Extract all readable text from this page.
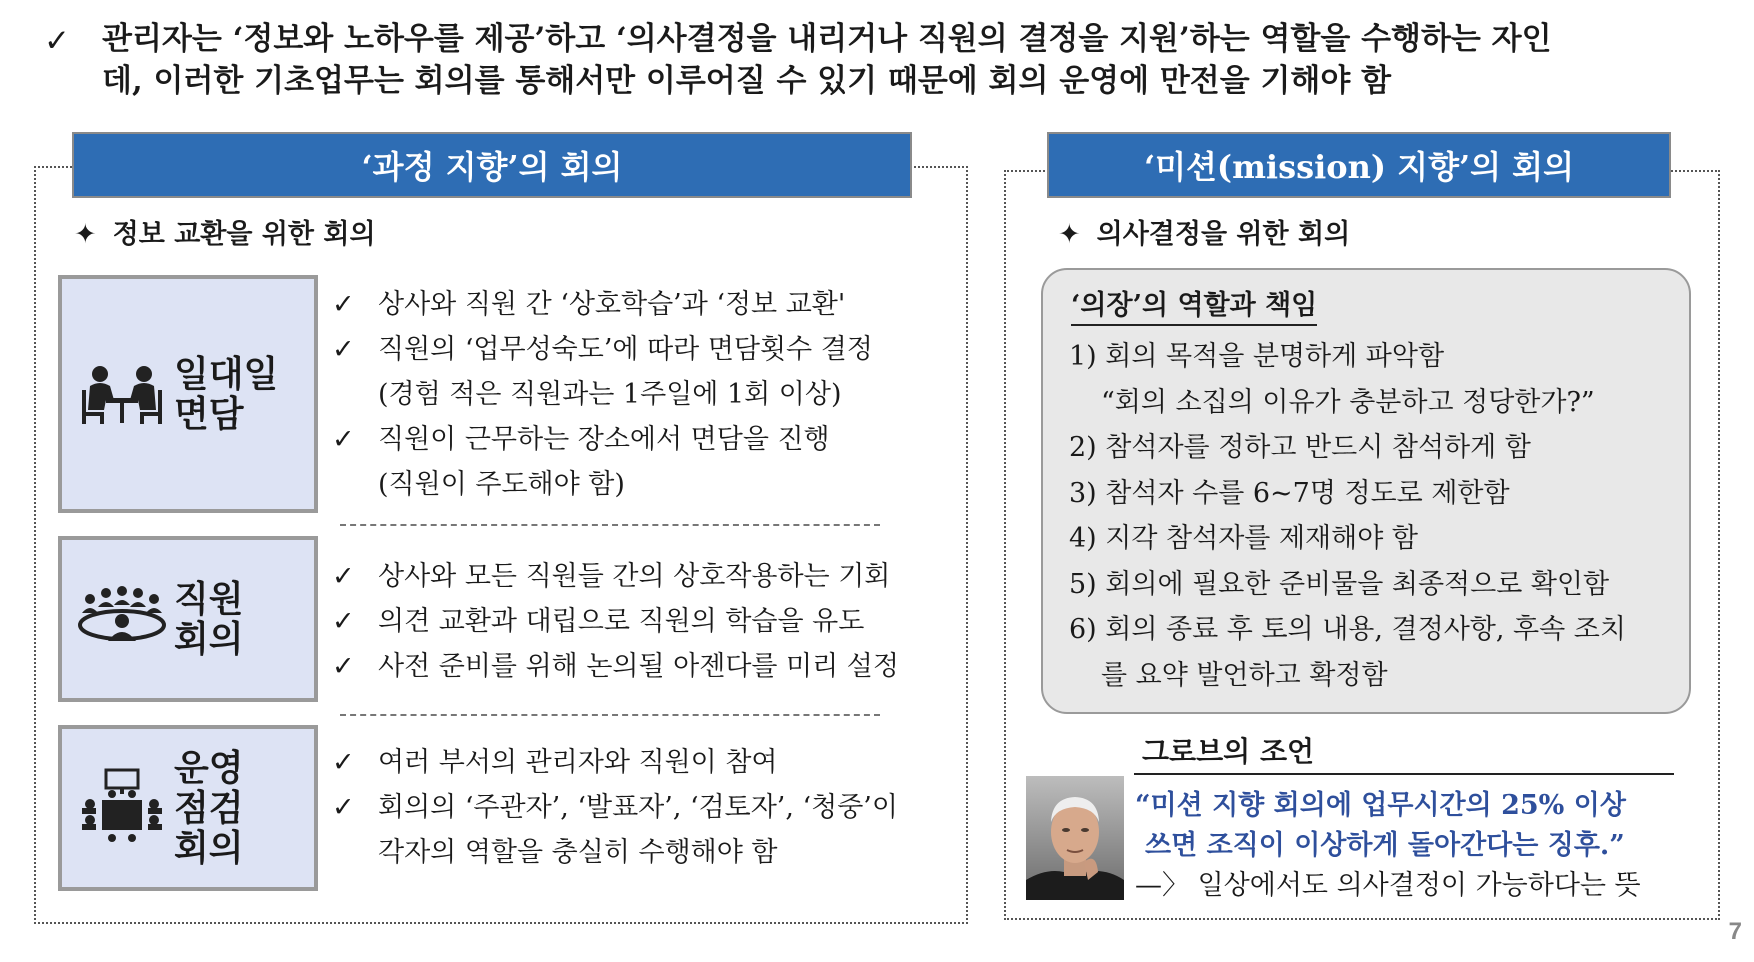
✓ 관리자는 ‘정보와 노하우를 제공’하고 ‘의사결정을 내리거나 직원의 결정을 지원’하는 역할을 수행하는 자인
데, 이러한 기초업무는 회의를 통해서만 이루어질 수 있기 때문에 회의 운영에 만전을 기해야 함
‘과정 지향’의 회의	‘미션(mission) 지향’의 회의
✦ 정보 교환을 위한 회의	✦ 의사결정을 위한 회의
일대일
면담
직원
회의
운영
점검
회의
✓ 상사와 직원 간 ‘상호학습’과 ‘정보 교환'
✓ 직원의 ‘업무성숙도’에 따라 면담횟수 결정
(경험 적은 직원과는 1주일에 1회 이상)
✓ 직원이 근무하는 장소에서 면담을 진행
(직원이 주도해야 함)
✓ 상사와 모든 직원들 간의 상호작용하는 기회
✓ 의견 교환과 대립으로 직원의 학습을 유도
✓ 사전 준비를 위해 논의될 아젠다를 미리 설정
✓ 여러 부서의 관리자와 직원이 참여
✓ 회의의 ‘주관자’, ‘발표자’, ‘검토자’, ‘청중’이
각자의 역할을 충실히 수행해야 함
‘의장’의 역할과 책임
1) 회의 목적을 분명하게 파악함
“회의 소집의 이유가 충분하고 정당한가?”
2) 참석자를 정하고 반드시 참석하게 함
3) 참석자 수를 6~7명 정도로 제한함
4) 지각 참석자를 제재해야 함
5) 회의에 필요한 준비물을 최종적으로 확인함
6) 회의 종료 후 토의 내용, 결정사항, 후속 조치
를 요약 발언하고 확정함
그로브의 조언
“미션 지향 회의에 업무시간의 25% 이상
쓰면 조직이 이상하게 돌아간다는 징후.”
—〉 일상에서도 의사결정이 가능하다는 뜻
7
